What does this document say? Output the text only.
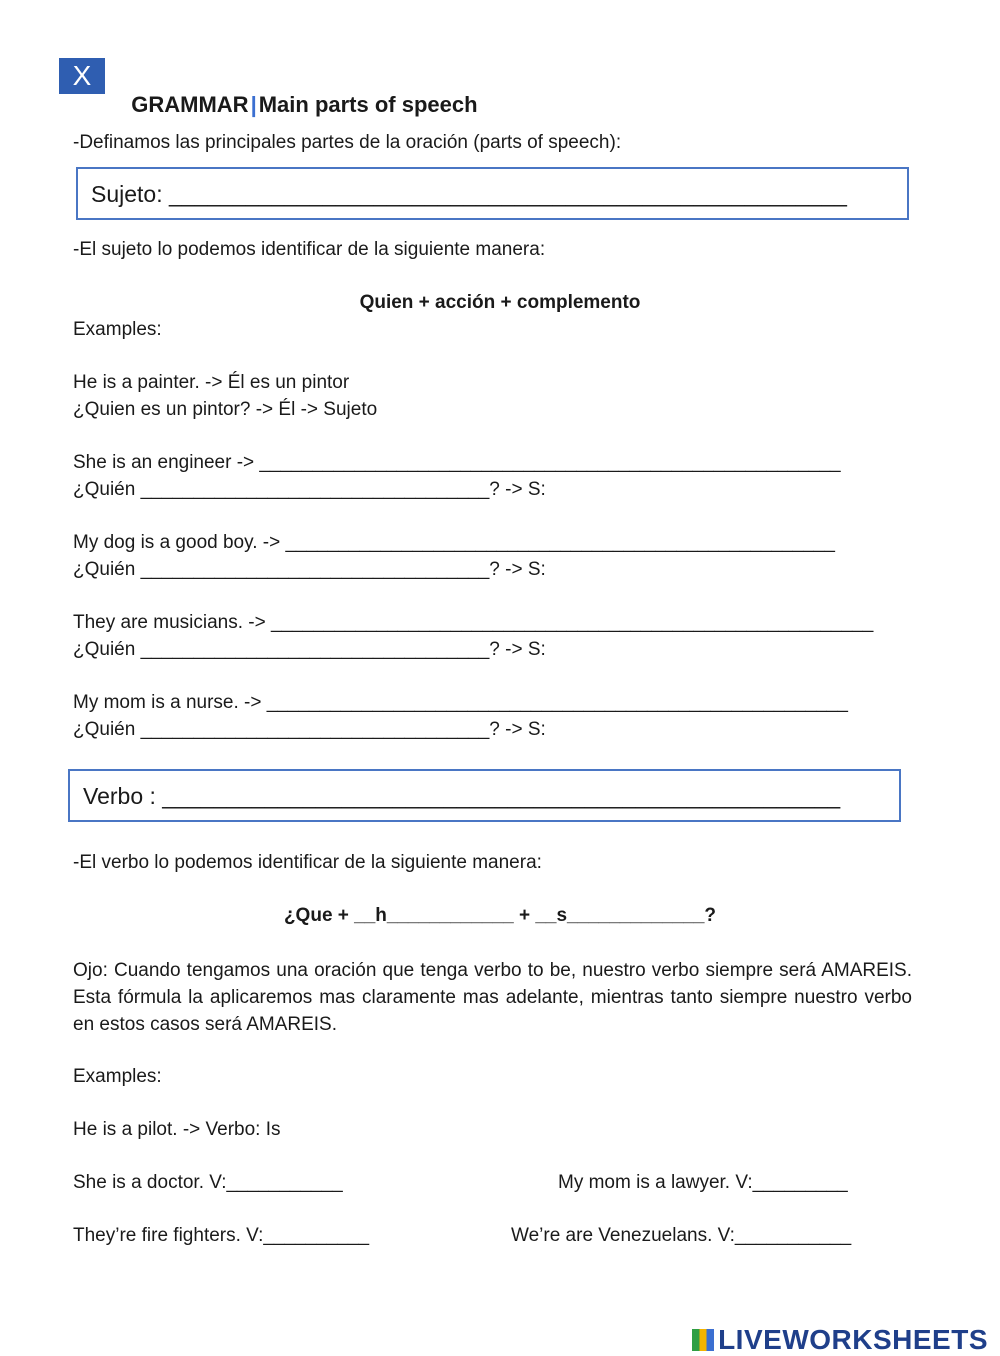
X

GRAMMAR|Main parts of speech

-Definamos las principales partes de la oración (parts of speech):
Sujeto: _____________________________________________________
-El sujeto lo podemos identificar de la siguiente manera:
Quien + acción + complemento
Examples:
He is a painter. -> Él es un pintor
¿Quien es un pintor? -> Él -> Sujeto
She is an engineer -> _______________________________________________________
¿Quién _________________________________? -> S:
My dog is a good boy. -> ____________________________________________________
¿Quién _________________________________? -> S:
They are musicians. -> _________________________________________________________
¿Quién _________________________________? -> S:
My mom is a nurse. -> _______________________________________________________
¿Quién _________________________________? -> S:
Verbo : _____________________________________________________
-El verbo lo podemos identificar de la siguiente manera:
¿Que + __h____________ + __s_____________?
Ojo: Cuando tengamos una oración que tenga verbo to be, nuestro verbo siempre será AMAREIS. Esta fórmula la aplicaremos mas claramente mas adelante, mientras tanto siempre nuestro verbo en estos casos será AMAREIS.
Examples:
He is a pilot. -> Verbo: Is
She is a doctor. V:___________	My mom is a lawyer. V:_________
They’re fire fighters. V:__________	We’re are Venezuelans. V:___________

LIVEWORKSHEETS
